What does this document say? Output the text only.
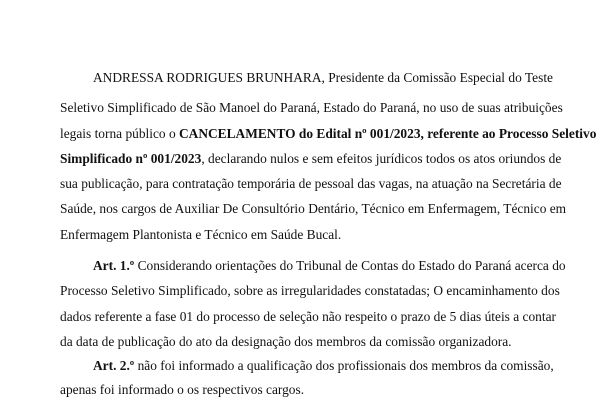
ANDRESSA RODRIGUES BRUNHARA, Presidente da Comissão Especial do Teste
Seletivo Simplificado de São Manoel do Paraná, Estado do Paraná, no uso de suas atribuições
legais torna público o CANCELAMENTO do Edital nº 001/2023, referente ao Processo Seletivo
Simplificado nº 001/2023, declarando nulos e sem efeitos jurídicos todos os atos oriundos de
sua publicação, para contratação temporária de pessoal das vagas, na atuação na Secretária de
Saúde, nos cargos de Auxiliar De Consultório Dentário, Técnico em Enfermagem, Técnico em
Enfermagem Plantonista e Técnico em Saúde Bucal.
Art. 1.º Considerando orientações do Tribunal de Contas do Estado do Paraná acerca do
Processo Seletivo Simplificado, sobre as irregularidades constatadas; O encaminhamento dos
dados referente a fase 01 do processo de seleção não respeito o prazo de 5 dias úteis a contar
da data de publicação do ato da designação dos membros da comissão organizadora.
Art. 2.º não foi informado a qualificação dos profissionais dos membros da comissão,
apenas foi informado o os respectivos cargos.
